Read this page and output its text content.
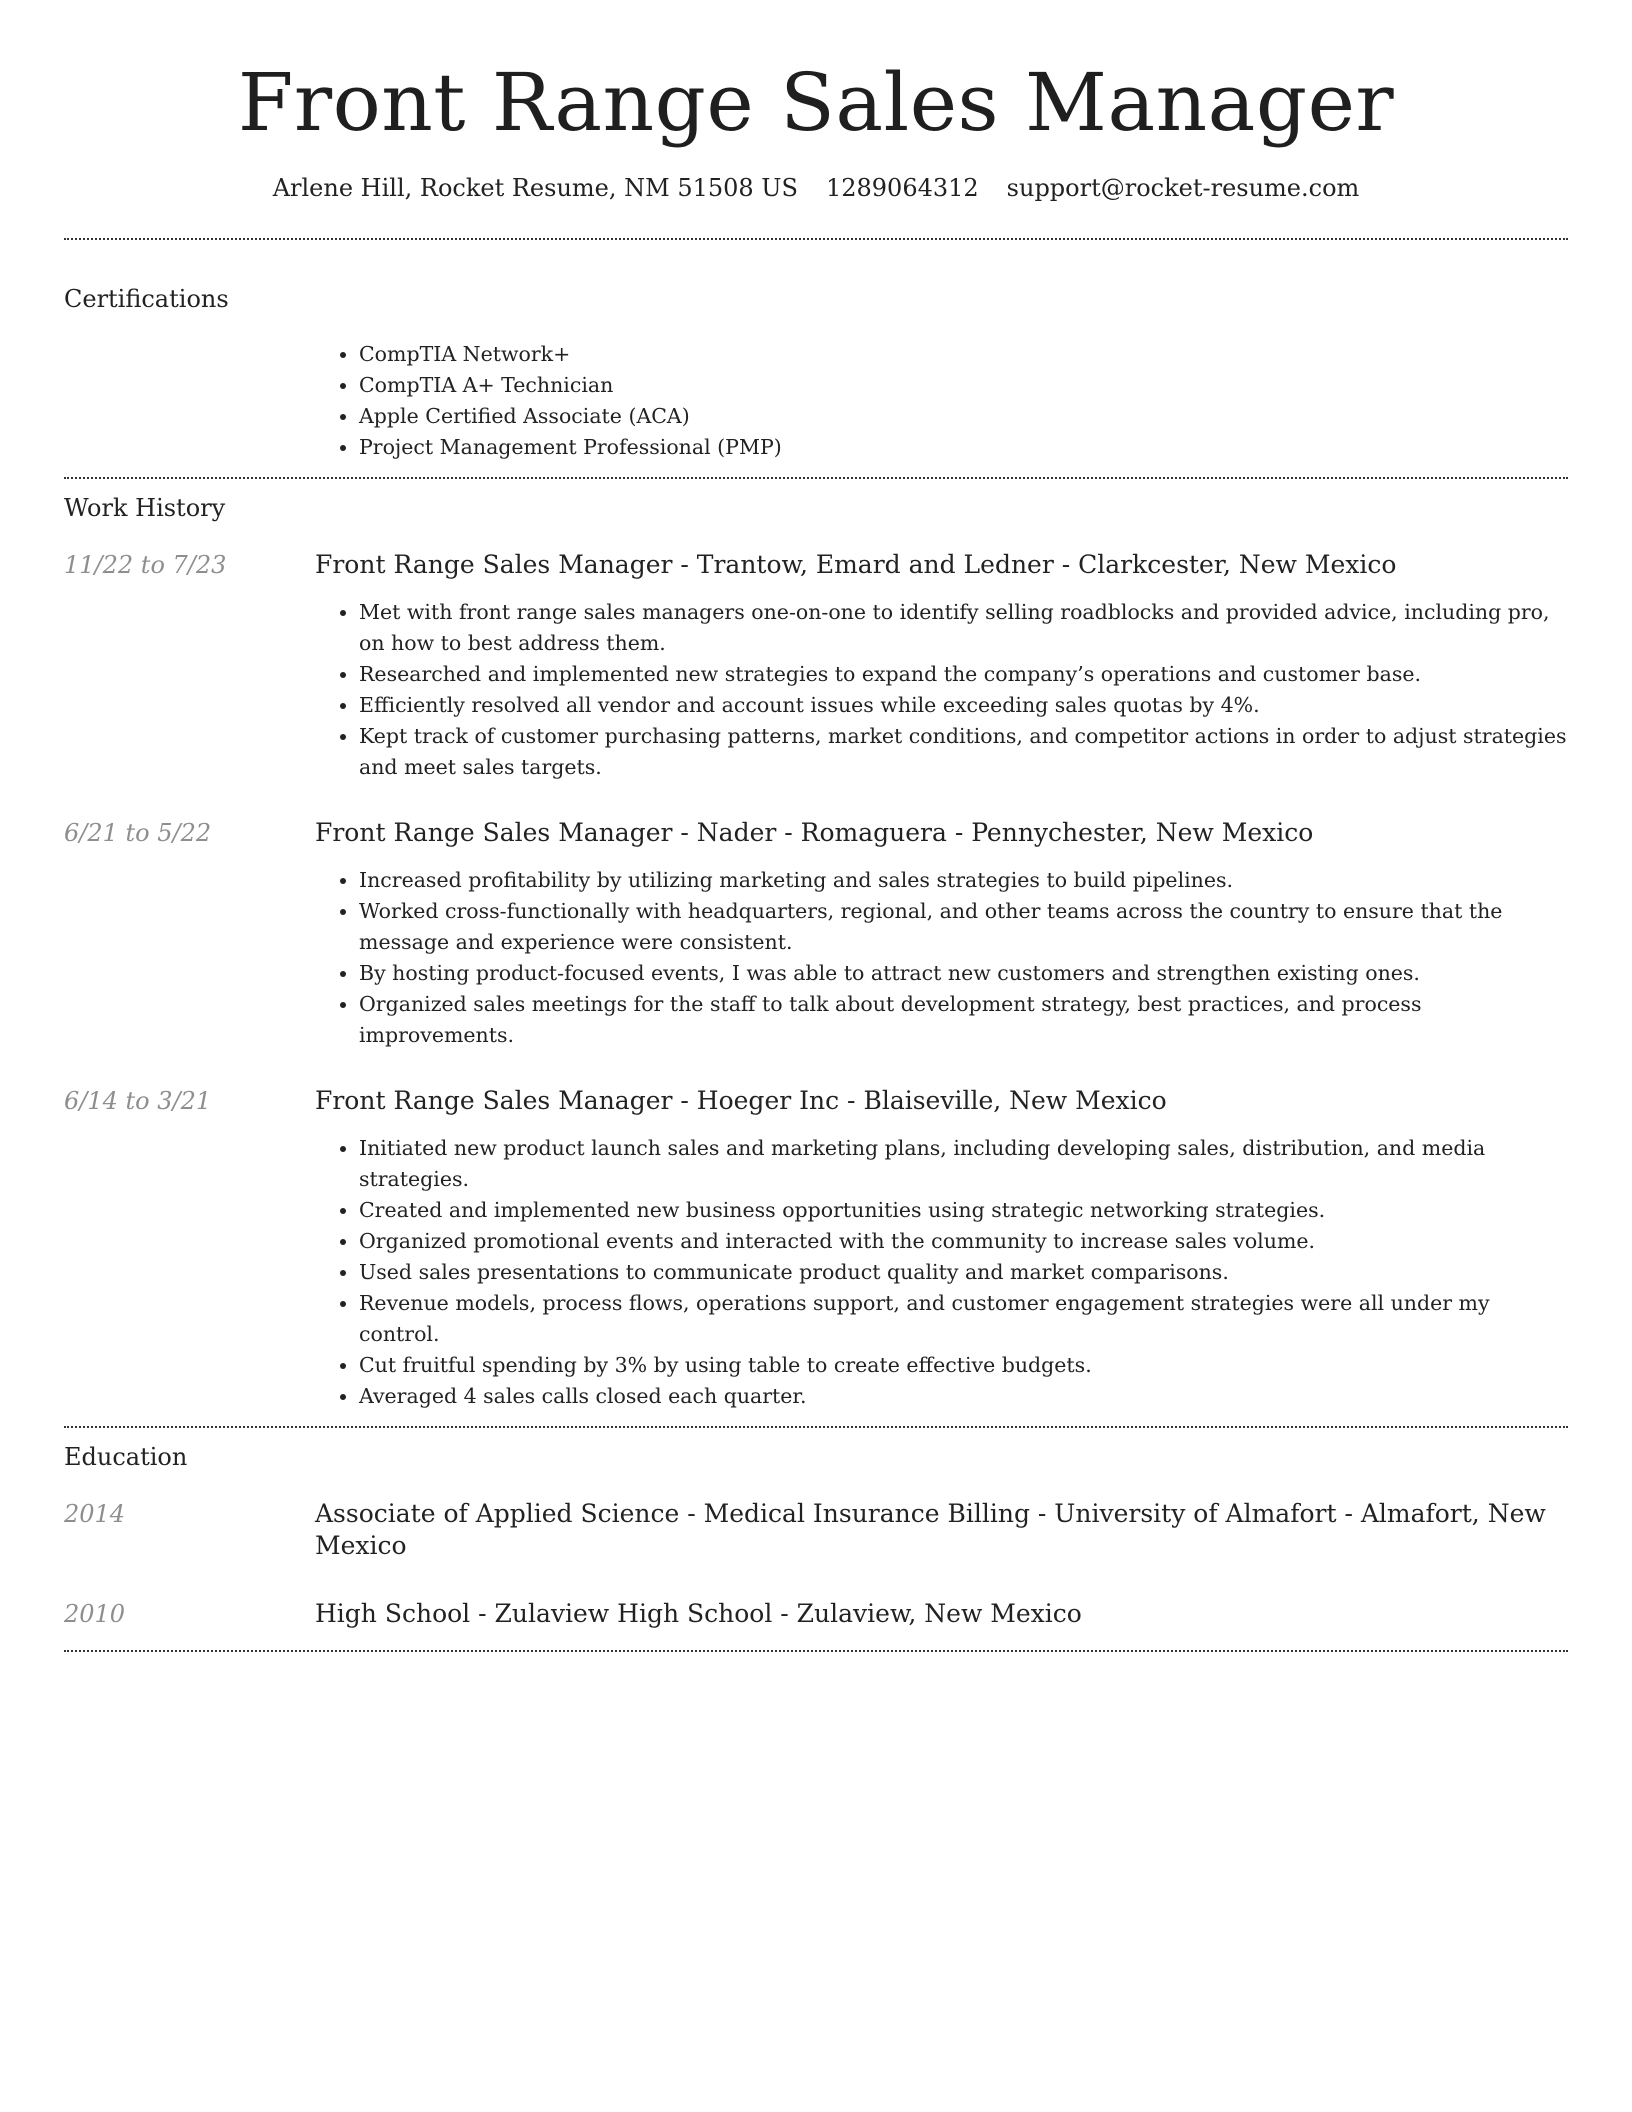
Front Range Sales Manager
Arlene Hill, Rocket Resume, NM 51508 US 1289064312 support@rocket-resume.com
Certifications
• CompTIA Network+
• CompTIA A+ Technician
• Apple Certified Associate (ACA)
• Project Management Professional (PMP)
Work History
11/22 to 7/23	Front Range Sales Manager - Trantow, Emard and Ledner - Clarkcester, New Mexico
• Met with front range sales managers one-on-one to identify selling roadblocks and provided advice, including pro, on how to best address them.
• Researched and implemented new strategies to expand the company’s operations and customer base.
• Efficiently resolved all vendor and account issues while exceeding sales quotas by 4%.
• Kept track of customer purchasing patterns, market conditions, and competitor actions in order to adjust strategies and meet sales targets.
6/21 to 5/22	Front Range Sales Manager - Nader - Romaguera - Pennychester, New Mexico
• Increased profitability by utilizing marketing and sales strategies to build pipelines.
• Worked cross-functionally with headquarters, regional, and other teams across the country to ensure that the message and experience were consistent.
• By hosting product-focused events, I was able to attract new customers and strengthen existing ones.
• Organized sales meetings for the staff to talk about development strategy, best practices, and process improvements.
6/14 to 3/21	Front Range Sales Manager - Hoeger Inc - Blaiseville, New Mexico
• Initiated new product launch sales and marketing plans, including developing sales, distribution, and media strategies.
• Created and implemented new business opportunities using strategic networking strategies.
• Organized promotional events and interacted with the community to increase sales volume.
• Used sales presentations to communicate product quality and market comparisons.
• Revenue models, process flows, operations support, and customer engagement strategies were all under my control.
• Cut fruitful spending by 3% by using table to create effective budgets.
• Averaged 4 sales calls closed each quarter.
Education
2014	Associate of Applied Science - Medical Insurance Billing - University of Almafort - Almafort, New Mexico
2010	High School - Zulaview High School - Zulaview, New Mexico
